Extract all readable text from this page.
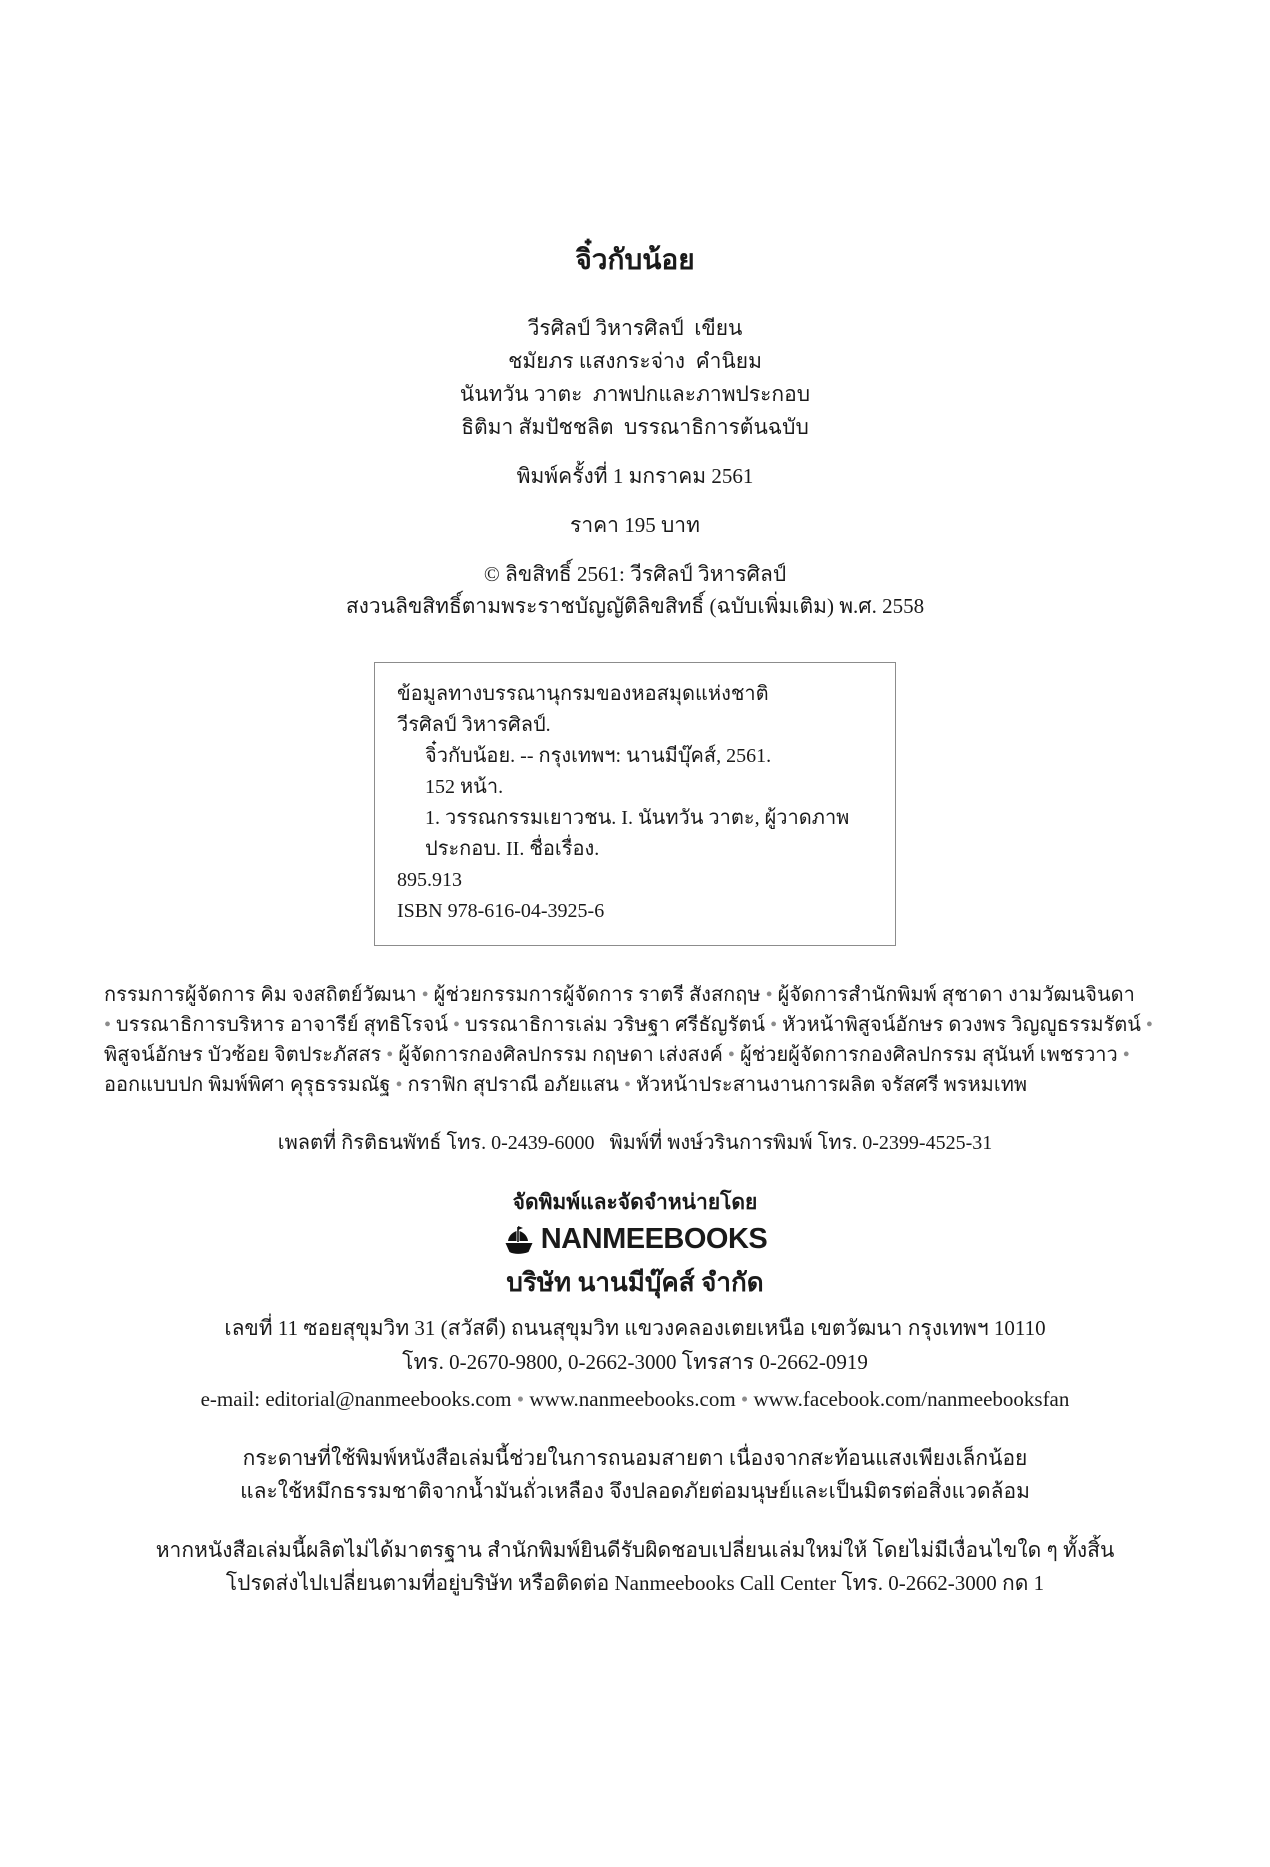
จิ๋วกับน้อย
วีรศิลป์ วิหารศิลป์  เขียน
ชมัยภร แสงกระจ่าง  คำนิยม
นันทวัน วาตะ  ภาพปกและภาพประกอบ
ธิติมา สัมปัชชลิต  บรรณาธิการต้นฉบับ
พิมพ์ครั้งที่ 1 มกราคม 2561
ราคา 195 บาท
© ลิขสิทธิ์ 2561: วีรศิลป์ วิหารศิลป์
สงวนลิขสิทธิ์ตามพระราชบัญญัติลิขสิทธิ์ (ฉบับเพิ่มเติม) พ.ศ. 2558
ข้อมูลทางบรรณานุกรมของหอสมุดแห่งชาติ
วีรศิลป์ วิหารศิลป์.
จิ๋วกับน้อย. -- กรุงเทพฯ: นานมีบุ๊คส์, 2561.
152 หน้า.
1. วรรณกรรมเยาวชน. I. นันทวัน วาตะ, ผู้วาดภาพประกอบ. II. ชื่อเรื่อง.
895.913
ISBN 978-616-04-3925-6
กรรมการผู้จัดการ คิม จงสถิตย์วัฒนา • ผู้ช่วยกรรมการผู้จัดการ ราตรี สังสกฤษ • ผู้จัดการสำนักพิมพ์ สุชาดา งามวัฒนจินดา
• บรรณาธิการบริหาร อาจารีย์ สุทธิโรจน์ • บรรณาธิการเล่ม วริษฐา ศรีธัญรัตน์ • หัวหน้าพิสูจน์อักษร ดวงพร วิญญูธรรมรัตน์ •
พิสูจน์อักษร บัวซ้อย จิตประภัสสร • ผู้จัดการกองศิลปกรรม กฤษดา เส่งสงค์ • ผู้ช่วยผู้จัดการกองศิลปกรรม สุนันท์ เพชรวาว •
ออกแบบปก พิมพ์พิศา คุรุธรรมณัฐ • กราฟิก สุปราณี อภัยแสน • หัวหน้าประสานงานการผลิต จรัสศรี พรหมเทพ
เพลตที่ กิรติธนพัทธ์ โทร. 0-2439-6000   พิมพ์ที่ พงษ์วรินการพิมพ์ โทร. 0-2399-4525-31
จัดพิมพ์และจัดจำหน่ายโดย
NANMEEBOOKS
บริษัท นานมีบุ๊คส์ จำกัด
เลขที่ 11 ซอยสุขุมวิท 31 (สวัสดี) ถนนสุขุมวิท แขวงคลองเตยเหนือ เขตวัฒนา กรุงเทพฯ 10110
โทร. 0-2670-9800, 0-2662-3000 โทรสาร 0-2662-0919
e-mail: editorial@nanmeebooks.com • www.nanmeebooks.com • www.facebook.com/nanmeebooksfan
กระดาษที่ใช้พิมพ์หนังสือเล่มนี้ช่วยในการถนอมสายตา เนื่องจากสะท้อนแสงเพียงเล็กน้อย
และใช้หมึกธรรมชาติจากน้ำมันถั่วเหลือง จึงปลอดภัยต่อมนุษย์และเป็นมิตรต่อสิ่งแวดล้อม
หากหนังสือเล่มนี้ผลิตไม่ได้มาตรฐาน สำนักพิมพ์ยินดีรับผิดชอบเปลี่ยนเล่มใหม่ให้ โดยไม่มีเงื่อนไขใด ๆ ทั้งสิ้น
โปรดส่งไปเปลี่ยนตามที่อยู่บริษัท หรือติดต่อ Nanmeebooks Call Center โทร. 0-2662-3000 กด 1
